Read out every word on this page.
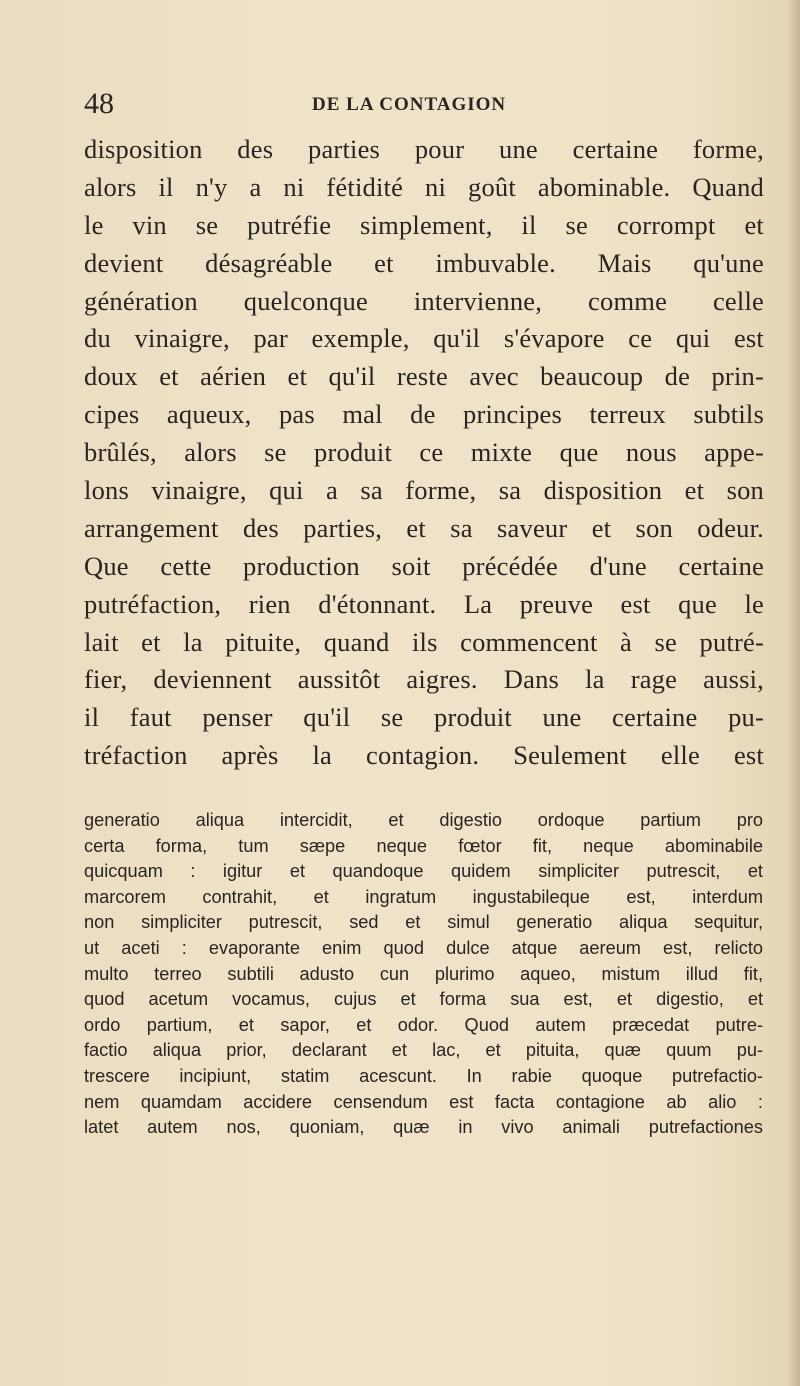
48	DE LA CONTAGION
disposition des parties pour une certaine forme,
alors il n'y a ni fétidité ni goût abominable. Quand
le vin se putréfie simplement, il se corrompt et
devient désagréable et imbuvable. Mais qu'une
génération quelconque intervienne, comme celle
du vinaigre, par exemple, qu'il s'évapore ce qui est
doux et aérien et qu'il reste avec beaucoup de prin-
cipes aqueux, pas mal de principes terreux subtils
brûlés, alors se produit ce mixte que nous appe-
lons vinaigre, qui a sa forme, sa disposition et son
arrangement des parties, et sa saveur et son odeur.
Que cette production soit précédée d'une certaine
putréfaction, rien d'étonnant. La preuve est que le
lait et la pituite, quand ils commencent à se putré-
fier, deviennent aussitôt aigres. Dans la rage aussi,
il faut penser qu'il se produit une certaine pu-
tréfaction après la contagion. Seulement elle est
generatio aliqua intercidit, et digestio ordoque partium pro
certa forma, tum sæpe neque fœtor fit, neque abominabile
quicquam : igitur et quandoque quidem simpliciter putrescit, et
marcorem contrahit, et ingratum ingustabileque est, interdum
non simpliciter putrescit, sed et simul generatio aliqua sequitur,
ut aceti : evaporante enim quod dulce atque aereum est, relicto
multo terreo subtili adusto cun plurimo aqueo, mistum illud fit,
quod acetum vocamus, cujus et forma sua est, et digestio, et
ordo partium, et sapor, et odor. Quod autem præcedat putre-
factio aliqua prior, declarant et lac, et pituita, quæ quum pu-
trescere incipiunt, statim acescunt. In rabie quoque putrefactio-
nem quamdam accidere censendum est facta contagione ab alio :
latet autem nos, quoniam, quæ in vivo animali putrefactiones
